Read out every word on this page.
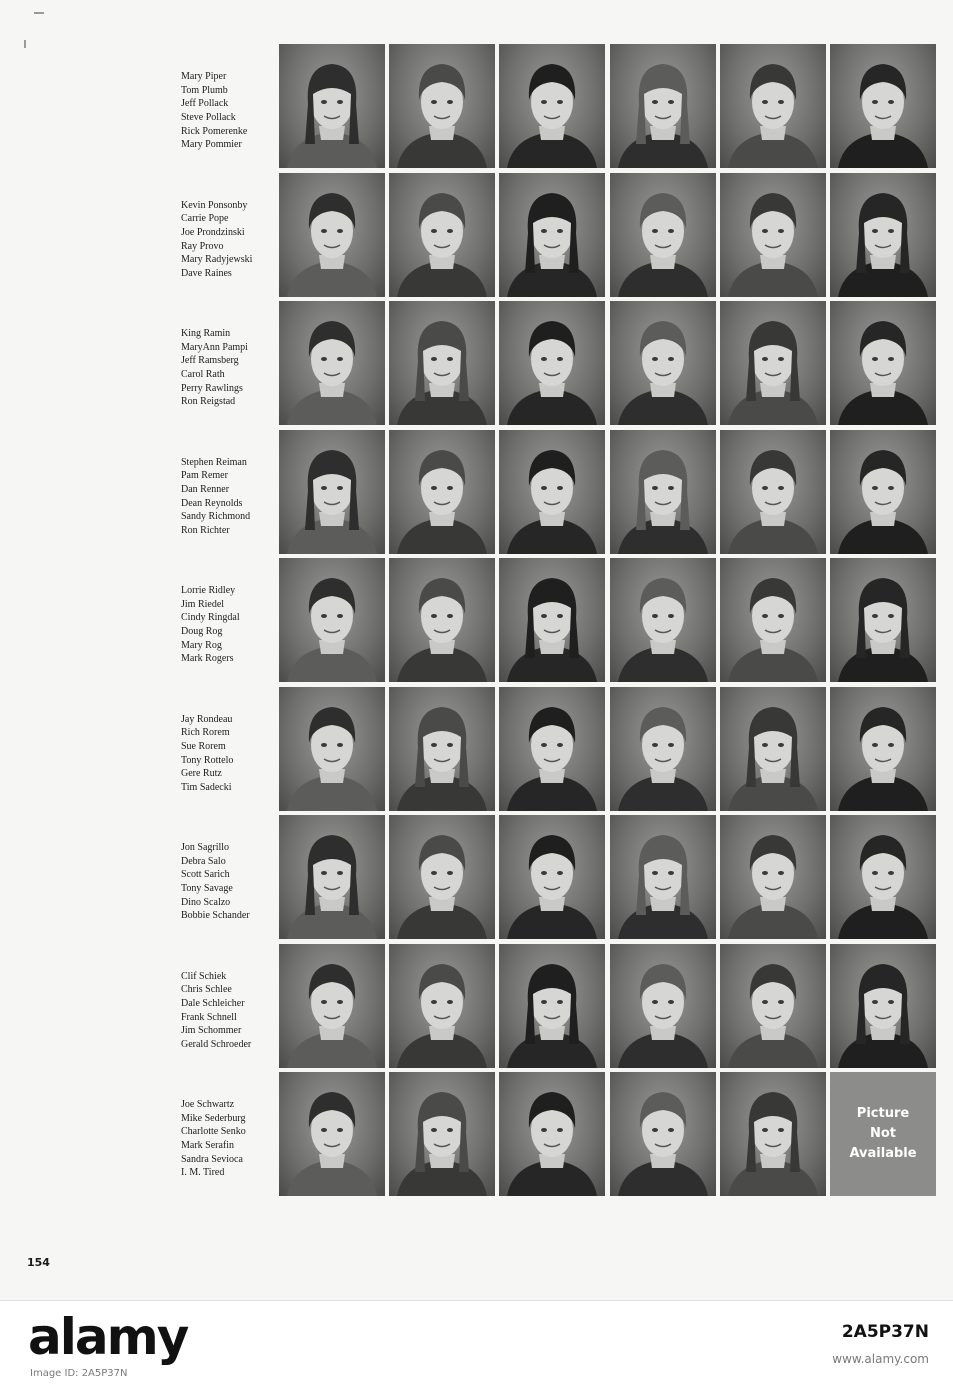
Mary Piper
Tom Plumb
Jeff Pollack
Steve Pollack
Rick Pomerenke
Mary Pommier
Kevin Ponsonby
Carrie Pope
Joe Prondzinski
Ray Provo
Mary Radyjewski
Dave Raines
King Ramin
MaryAnn Pampi
Jeff Ramsberg
Carol Rath
Perry Rawlings
Ron Reigstad
Stephen Reiman
Pam Remer
Dan Renner
Dean Reynolds
Sandy Richmond
Ron Richter
Lorrie Ridley
Jim Riedel
Cindy Ringdal
Doug Rog
Mary Rog
Mark Rogers
Jay Rondeau
Rich Rorem
Sue Rorem
Tony Rottelo
Gere Rutz
Tim Sadecki
Jon Sagrillo
Debra Salo
Scott Sarich
Tony Savage
Dino Scalzo
Bobbie Schander
Clif Schiek
Chris Schlee
Dale Schleicher
Frank Schnell
Jim Schommer
Gerald Schroeder
Joe Schwartz
Mike Sederburg
Charlotte Senko
Mark Serafin
Sandra Sevioca
I. M. Tired
Picture
Not
Available
154
alamy
Image ID: 2A5P37N
2A5P37N
www.alamy.com
